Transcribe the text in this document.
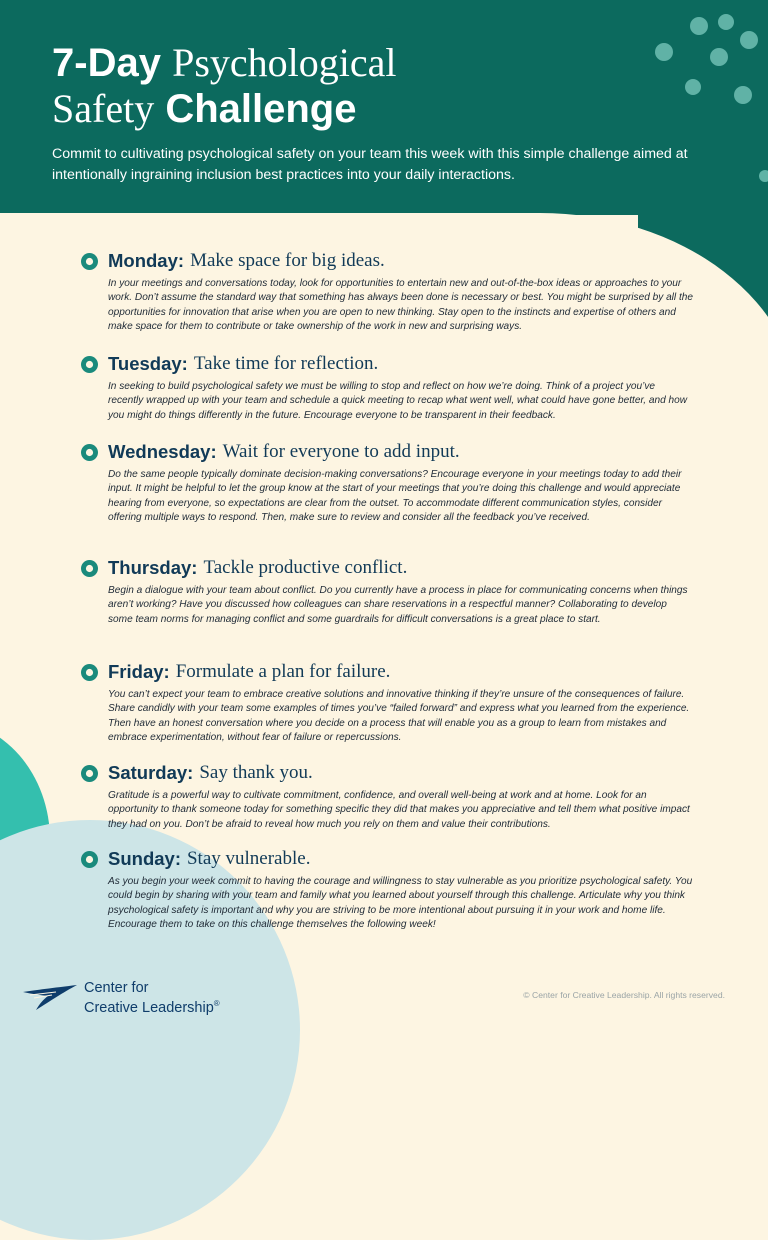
7-Day Psychological
Safety Challenge

Commit to cultivating psychological safety on your team this week with this simple challenge aimed at intentionally ingraining inclusion best practices into your daily interactions.

Monday: Make space for big ideas.

In your meetings and conversations today, look for opportunities to entertain new and out-of-the-box ideas or approaches to your work. Don’t assume the standard way that something has always been done is necessary or best. You might be surprised by all the opportunities for innovation that arise when you are open to new thinking. Stay open to the instincts and expertise of others and make space for them to contribute or take ownership of the work in new and surprising ways.

Tuesday: Take time for reflection.

In seeking to build psychological safety we must be willing to stop and reflect on how we’re doing. Think of a project you’ve recently wrapped up with your team and schedule a quick meeting to recap what went well, what could have gone better, and how you might do things differently in the future. Encourage everyone to be transparent in their feedback.

Wednesday: Wait for everyone to add input.

Do the same people typically dominate decision-making conversations? Encourage everyone in your meetings today to add their input. It might be helpful to let the group know at the start of your meetings that you’re doing this challenge and would appreciate hearing from everyone, so expectations are clear from the outset. To accommodate different communication styles, consider offering multiple ways to respond. Then, make sure to review and consider all the feedback you’ve received.

Thursday: Tackle productive conflict.

Begin a dialogue with your team about conflict. Do you currently have a process in place for communicating concerns when things aren’t working? Have you discussed how colleagues can share reservations in a respectful manner? Collaborating to develop some team norms for managing conflict and some guardrails for difficult conversations is a great place to start.

Friday: Formulate a plan for failure.

You can’t expect your team to embrace creative solutions and innovative thinking if they’re unsure of the consequences of failure. Share candidly with your team some examples of times you’ve “failed forward” and express what you learned from the experience. Then have an honest conversation where you decide on a process that will enable you as a group to learn from mistakes and embrace experimentation, without fear of failure or repercussions.

Saturday: Say thank you.

Gratitude is a powerful way to cultivate commitment, confidence, and overall well-being at work and at home. Look for an opportunity to thank someone today for something specific they did that makes you appreciative and tell them what positive impact they had on you. Don’t be afraid to reveal how much you rely on them and value their contributions.

Sunday: Stay vulnerable.

As you begin your week commit to having the courage and willingness to stay vulnerable as you prioritize psychological safety. You could begin by sharing with your team and family what you learned about yourself through this challenge. Articulate why you think psychological safety is important and why you are striving to be more intentional about pursuing it in your work and home life. Encourage them to take on this challenge themselves the following week!

Center for
Creative Leadership®

© Center for Creative Leadership. All rights reserved.
